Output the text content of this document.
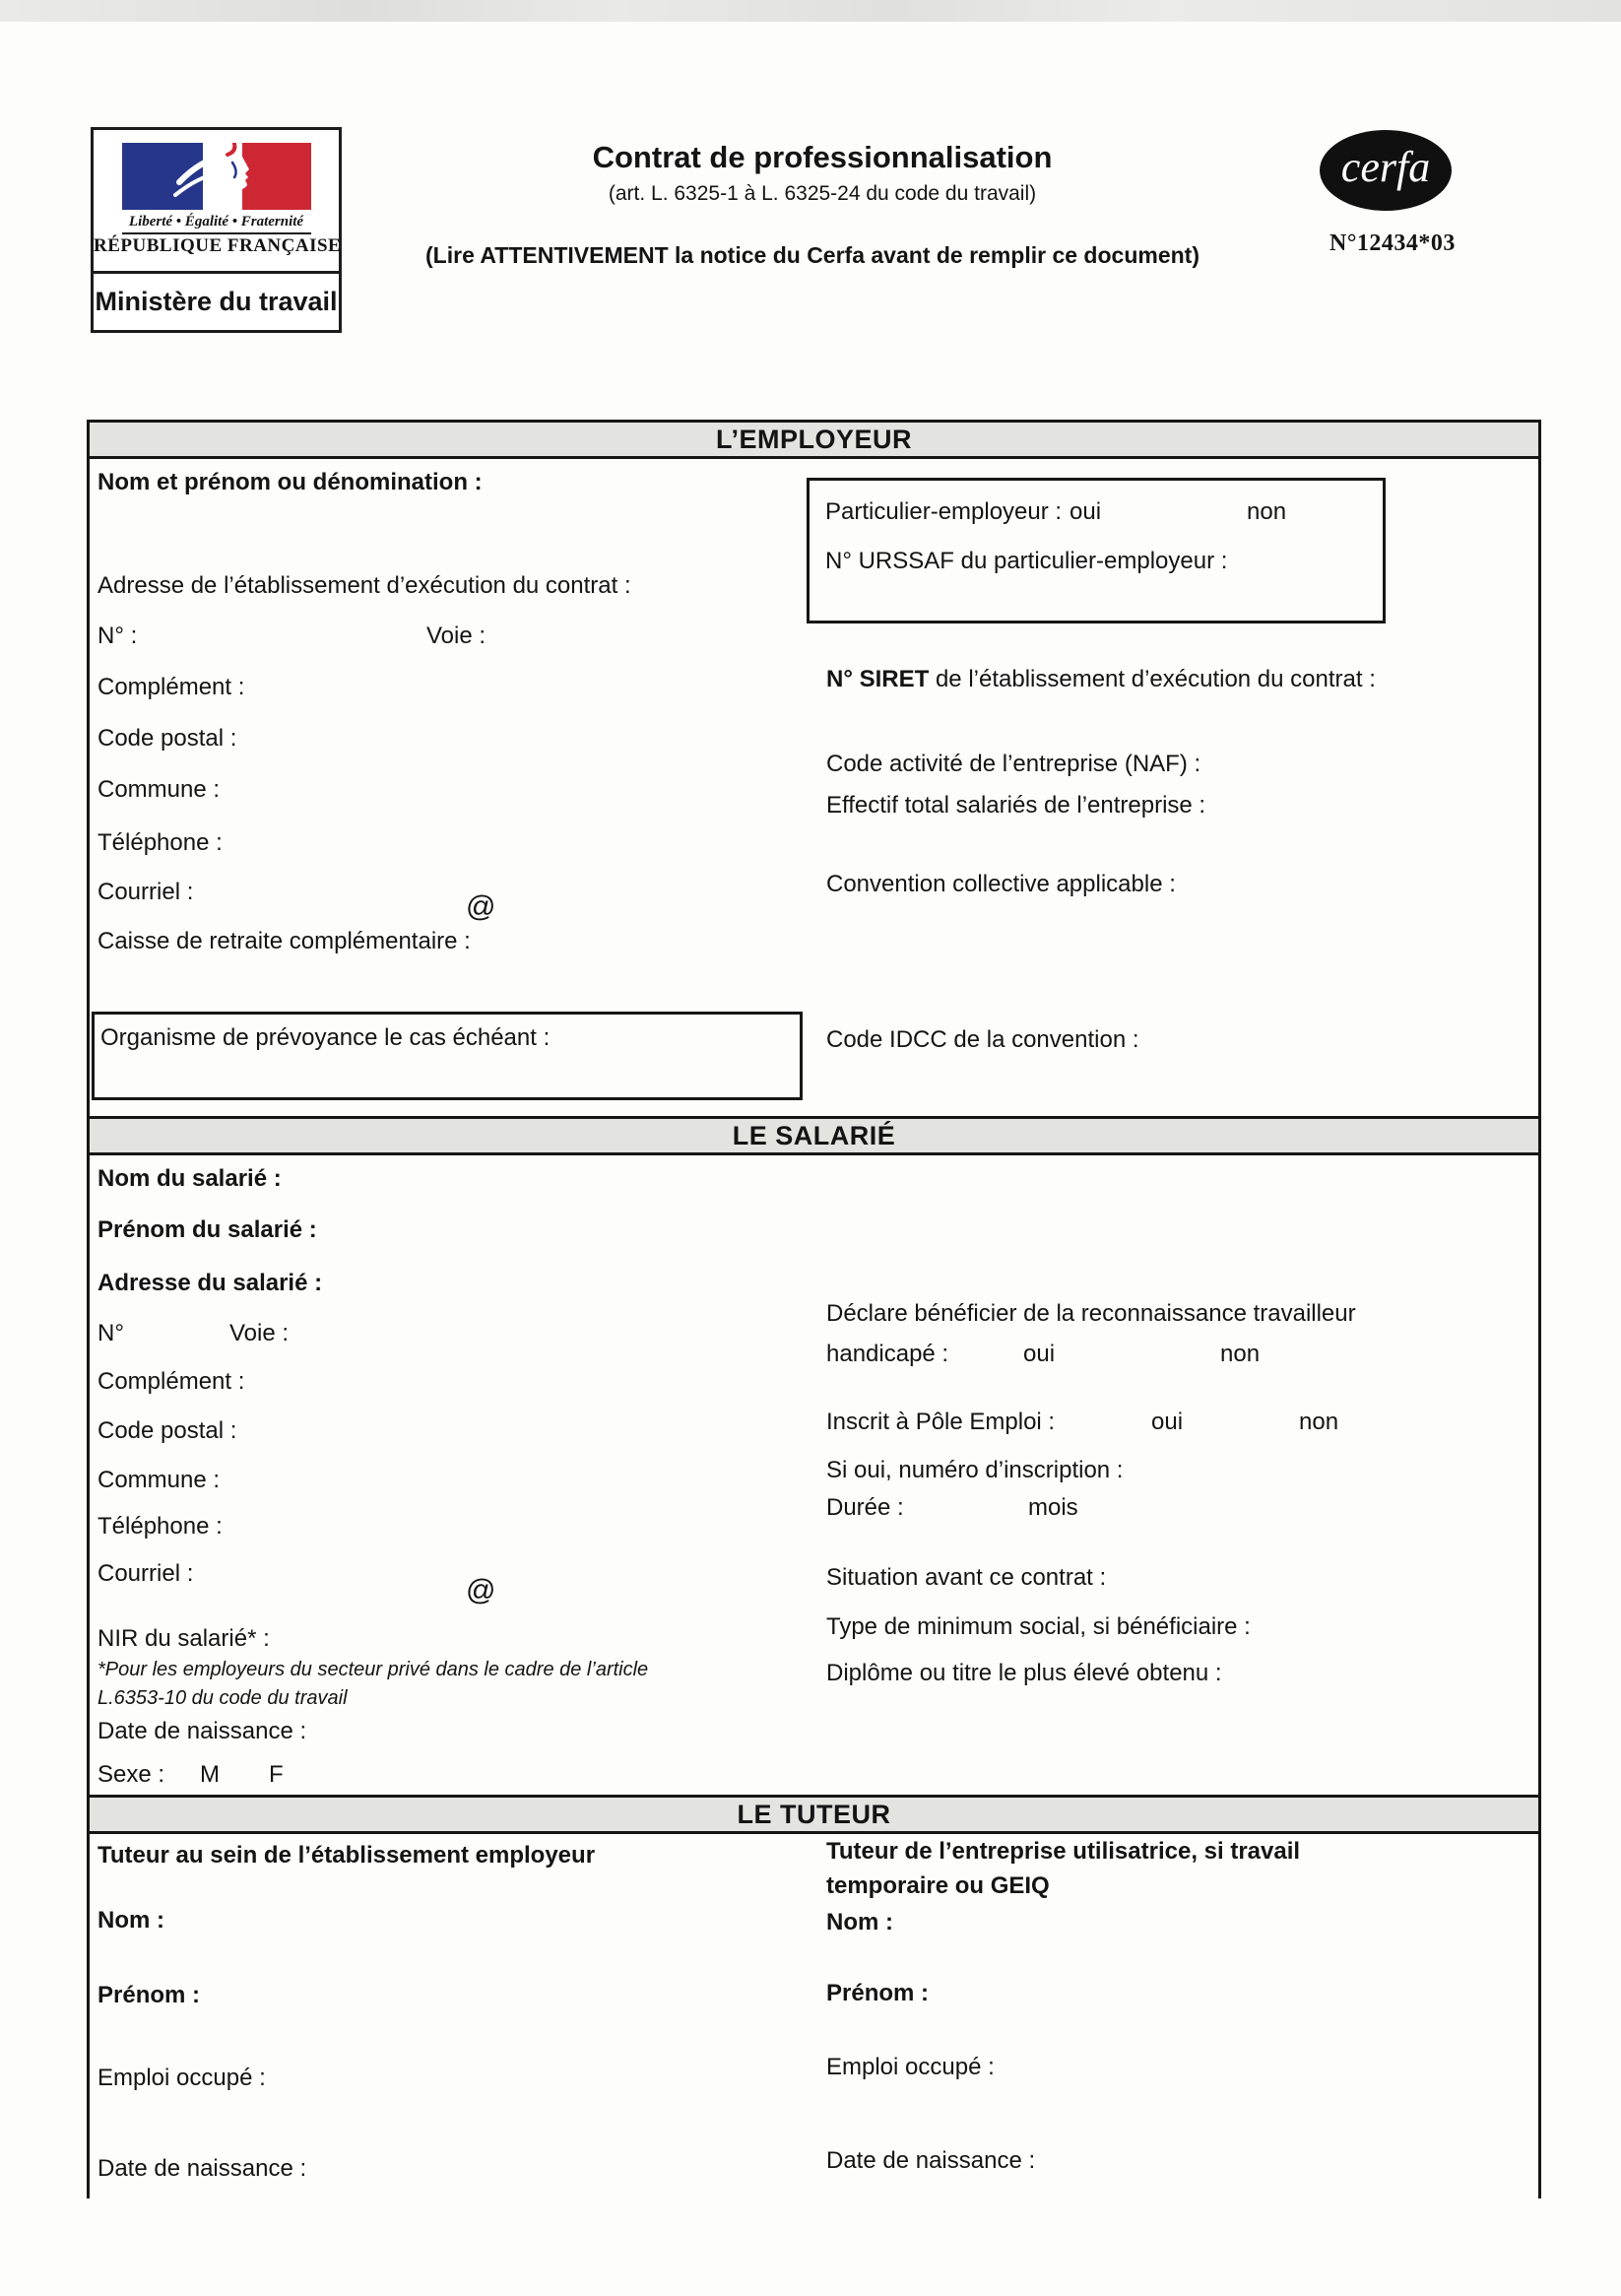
Liberté • Égalité • Fraternité
RÉPUBLIQUE FRANÇAISE
Ministère du travail
Contrat de professionnalisation
(art. L. 6325-1 à L. 6325-24 du code du travail)
(Lire ATTENTIVEMENT la notice du Cerfa avant de remplir ce document)
cerfa
N°12434*03
L’EMPLOYEUR
Nom et prénom ou dénomination :
Adresse de l’établissement d’exécution du contrat :
N° :	Voie :
Complément :
Code postal :
Commune :
Téléphone :
Courriel :	@
Caisse de retraite complémentaire :
Organisme de prévoyance le cas échéant :
Particulier-employeur : oui	non
N° URSSAF du particulier-employeur :
N° SIRET de l’établissement d’exécution du contrat :
Code activité de l’entreprise (NAF) :
Effectif total salariés de l’entreprise :
Convention collective applicable :
Code IDCC de la convention :
LE SALARIÉ
Nom du salarié :
Prénom du salarié :
Adresse du salarié :
N°	Voie :
Complément :
Code postal :
Commune :
Téléphone :
Courriel :
@
NIR du salarié* :
*Pour les employeurs du secteur privé dans le cadre de l’article
L.6353-10 du code du travail
Date de naissance :
Sexe : M F
Déclare bénéficier de la reconnaissance travailleur
handicapé :	oui	non
Inscrit à Pôle Emploi :	oui	non
Si oui, numéro d’inscription :
Durée :	mois
Situation avant ce contrat :
Type de minimum social, si bénéficiaire :
Diplôme ou titre le plus élevé obtenu :
LE TUTEUR
Tuteur au sein de l’établissement employeur
Nom :
Prénom :
Emploi occupé :
Date de naissance :
Tuteur de l’entreprise utilisatrice, si travail
temporaire ou GEIQ
Nom :
Prénom :
Emploi occupé :
Date de naissance :
